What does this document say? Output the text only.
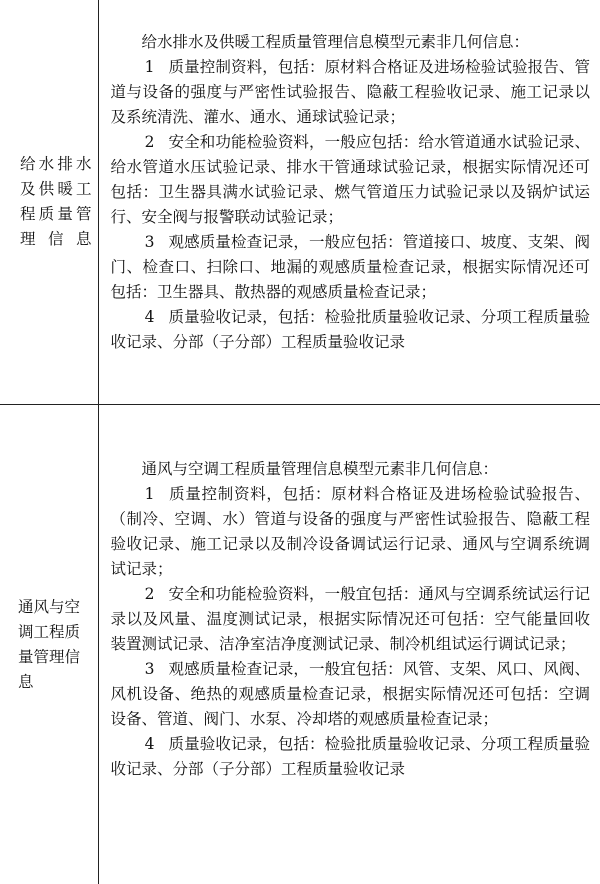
给水排水及供暖工程质量管理信息	给水排水及供暖工程质量管理信息模型元素非几何信息：

1 质量控制资料，包括：原材料合格证及进场检验试验报告、管道与设备的强度与严密性试验报告、隐蔽工程验收记录、施工记录以及系统清洗、灌水、通水、通球试验记录；

2 安全和功能检验资料，一般应包括：给水管道通水试验记录、给水管道水压试验记录、排水干管通球试验记录，根据实际情况还可包括：卫生器具满水试验记录、燃气管道压力试验记录以及锅炉试运行、安全阀与报警联动试验记录；

3 观感质量检查记录，一般应包括：管道接口、坡度、支架、阀门、检查口、扫除口、地漏的观感质量检查记录，根据实际情况还可包括：卫生器具、散热器的观感质量检查记录；

4 质量验收记录，包括：检验批质量验收记录、分项工程质量验收记录、分部（子分部）工程质量验收记录

通风与空调工程质量管理信息	通风与空调工程质量管理信息模型元素非几何信息：

1 质量控制资料，包括：原材料合格证及进场检验试验报告、（制冷、空调、水）管道与设备的强度与严密性试验报告、隐蔽工程验收记录、施工记录以及制冷设备调试运行记录、通风与空调系统调试记录；

2 安全和功能检验资料，一般宜包括：通风与空调系统试运行记录以及风量、温度测试记录，根据实际情况还可包括：空气能量回收装置测试记录、洁净室洁净度测试记录、制冷机组试运行调试记录；

3 观感质量检查记录，一般宜包括：风管、支架、风口、风阀、风机设备、绝热的观感质量检查记录，根据实际情况还可包括：空调设备、管道、阀门、水泵、冷却塔的观感质量检查记录；

4 质量验收记录，包括：检验批质量验收记录、分项工程质量验收记录、分部（子分部）工程质量验收记录
